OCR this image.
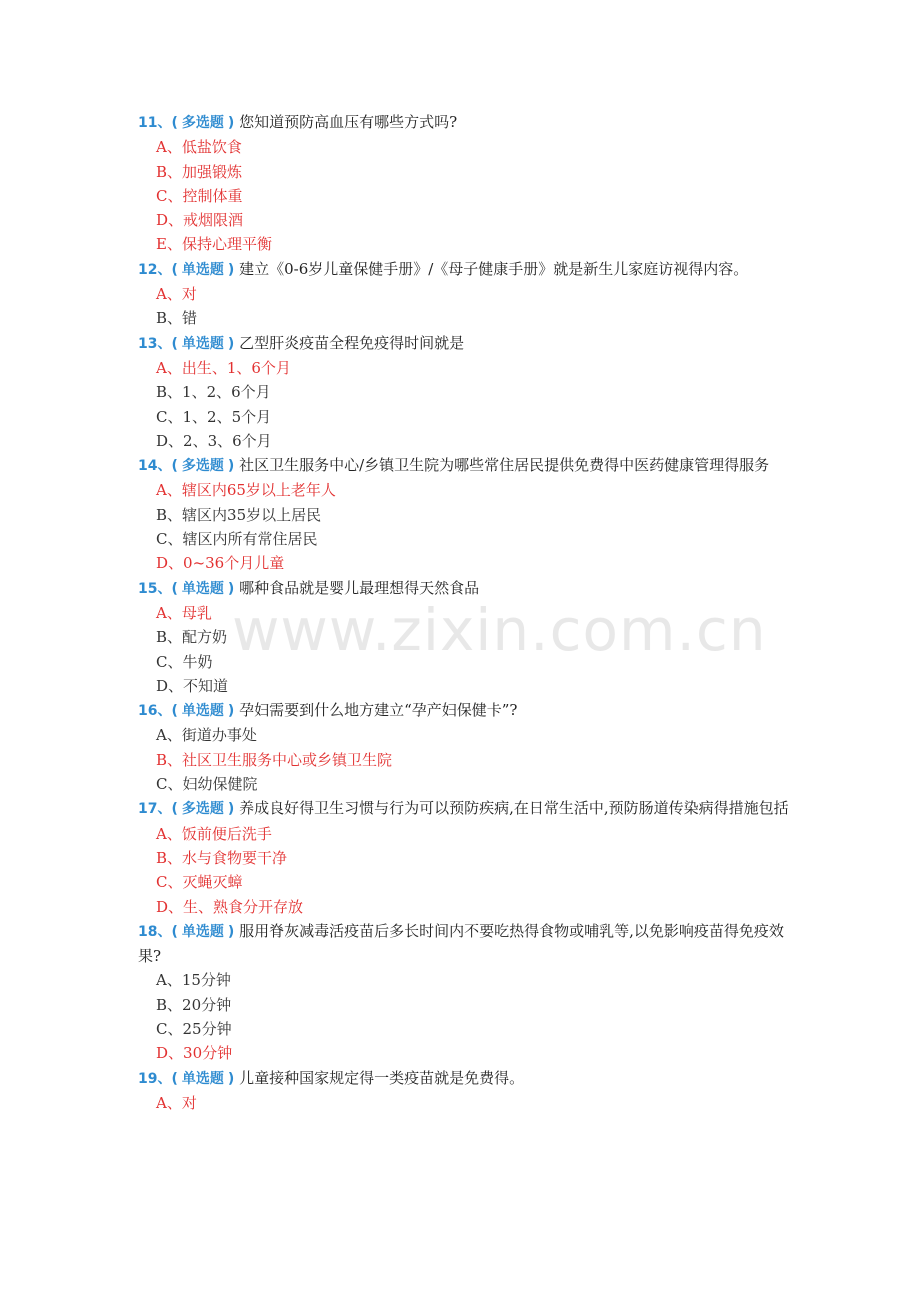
www.zixin.com.cn

11、( 多选题 ) 您知道预防高血压有哪些方式吗?

A、低盐饮食
B、加强锻炼
C、控制体重
D、戒烟限酒
E、保持心理平衡

12、( 单选题 ) 建立《0-6岁儿童保健手册》/《母子健康手册》就是新生儿家庭访视得内容。

A、对
B、错

13、( 单选题 ) 乙型肝炎疫苗全程免疫得时间就是

A、出生、1、6个月
B、1、2、6个月
C、1、2、5个月
D、2、3、6个月

14、( 多选题 ) 社区卫生服务中心/乡镇卫生院为哪些常住居民提供免费得中医药健康管理得服务

A、辖区内65岁以上老年人
B、辖区内35岁以上居民
C、辖区内所有常住居民
D、0~36个月儿童

15、( 单选题 ) 哪种食品就是婴儿最理想得天然食品

A、母乳
B、配方奶
C、牛奶
D、不知道

16、( 单选题 ) 孕妇需要到什么地方建立“孕产妇保健卡”?

A、街道办事处
B、社区卫生服务中心或乡镇卫生院
C、妇幼保健院

17、( 多选题 ) 养成良好得卫生习惯与行为可以预防疾病,在日常生活中,预防肠道传染病得措施包括

A、饭前便后洗手
B、水与食物要干净
C、灭蝇灭蟑
D、生、熟食分开存放

18、( 单选题 ) 服用脊灰减毒活疫苗后多长时间内不要吃热得食物或哺乳等,以免影响疫苗得免疫效果?

A、15分钟
B、20分钟
C、25分钟
D、30分钟

19、( 单选题 ) 儿童接种国家规定得一类疫苗就是免费得。

A、对
